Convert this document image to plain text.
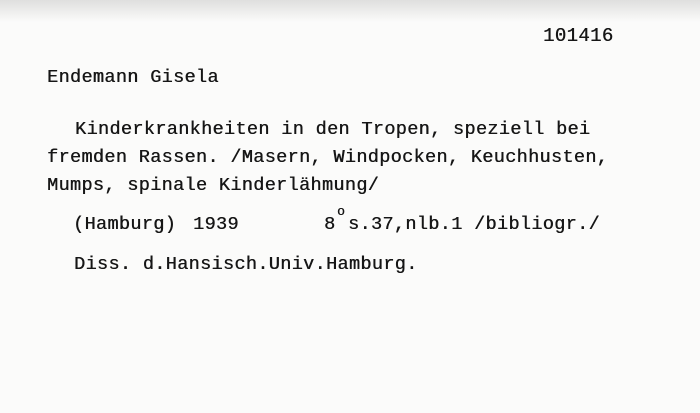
101416
Endemann Gisela
Kinderkrankheiten in den Tropen, speziell bei
fremden Rassen. /Masern, Windpocken, Keuchhusten,
Mumps, spinale Kinderlähmung/
(Hamburg) 1939	8
o
s.37,nlb.1 /bibliogr./
Diss. d.Hansisch.Univ.Hamburg.
